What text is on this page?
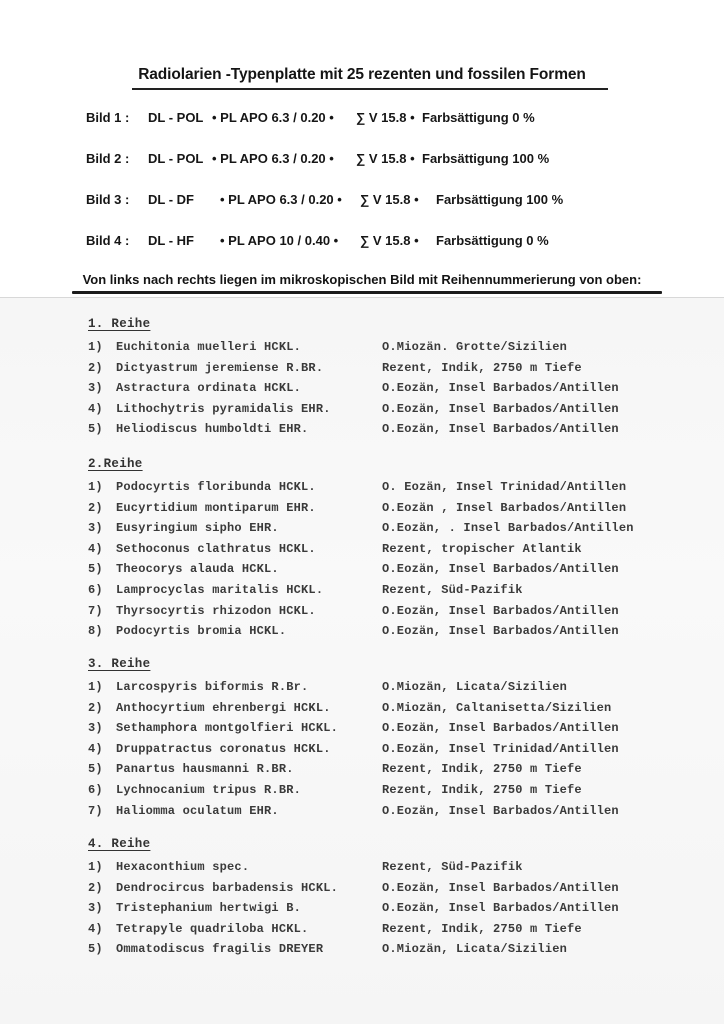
Radiolarien -Typenplatte mit 25 rezenten und fossilen Formen
Bild 1 : DL - POL • PL APO 6.3 / 0.20 • ∑ V 15.8 • Farbsättigung 0 %
Bild 2 : DL - POL • PL APO 6.3 / 0.20 • ∑ V 15.8 • Farbsättigung 100 %
Bild 3 : DL - DF • PL APO 6.3 / 0.20 • ∑ V 15.8 • Farbsättigung 100 %
Bild 4 : DL - HF • PL APO 10 / 0.40 • ∑ V 15.8 • Farbsättigung 0 %
Von links nach rechts liegen im mikroskopischen Bild mit Reihennummerierung von oben:
1. Reihe
1) Euchitonia muelleri HCKL.	O.Miozän. Grotte/Sizilien
2) Dictyastrum jeremiense R.BR.	Rezent, Indik, 2750 m Tiefe
3) Astractura ordinata HCKL.	O.Eozän, Insel Barbados/Antillen
4) Lithochytris pyramidalis EHR.	O.Eozän, Insel Barbados/Antillen
5) Heliodiscus humboldti EHR.	O.Eozän, Insel Barbados/Antillen
2.Reihe
1) Podocyrtis floribunda HCKL.	O. Eozän, Insel Trinidad/Antillen
2) Eucyrtidium montiparum EHR.	O.Eozän , Insel Barbados/Antillen
3) Eusyringium sipho EHR.	O.Eozän, . Insel Barbados/Antillen
4) Sethoconus clathratus HCKL.	Rezent, tropischer Atlantik
5) Theocorys alauda HCKL.	O.Eozän, Insel Barbados/Antillen
6) Lamprocyclas maritalis HCKL.	Rezent, Süd-Pazifik
7) Thyrsocyrtis rhizodon HCKL.	O.Eozän, Insel Barbados/Antillen
8) Podocyrtis bromia HCKL.	O.Eozän, Insel Barbados/Antillen
3. Reihe
1) Larcospyris biformis R.Br.	O.Miozän, Licata/Sizilien
2) Anthocyrtium ehrenbergi HCKL.	O.Miozän, Caltanisetta/Sizilien
3) Sethamphora montgolfieri HCKL.	O.Eozän, Insel Barbados/Antillen
4) Druppatractus coronatus HCKL.	O.Eozän, Insel Trinidad/Antillen
5) Panartus hausmanni R.BR.	Rezent, Indik, 2750 m Tiefe
6) Lychnocanium tripus R.BR.	Rezent, Indik, 2750 m Tiefe
7) Haliomma oculatum EHR.	O.Eozän, Insel Barbados/Antillen
4. Reihe
1) Hexaconthium spec.	Rezent, Süd-Pazifik
2) Dendrocircus barbadensis HCKL.	O.Eozän, Insel Barbados/Antillen
3) Tristephanium hertwigi B.	O.Eozän, Insel Barbados/Antillen
4) Tetrapyle quadriloba HCKL.	Rezent, Indik, 2750 m Tiefe
5) Ommatodiscus fragilis DREYER	O.Miozän, Licata/Sizilien
